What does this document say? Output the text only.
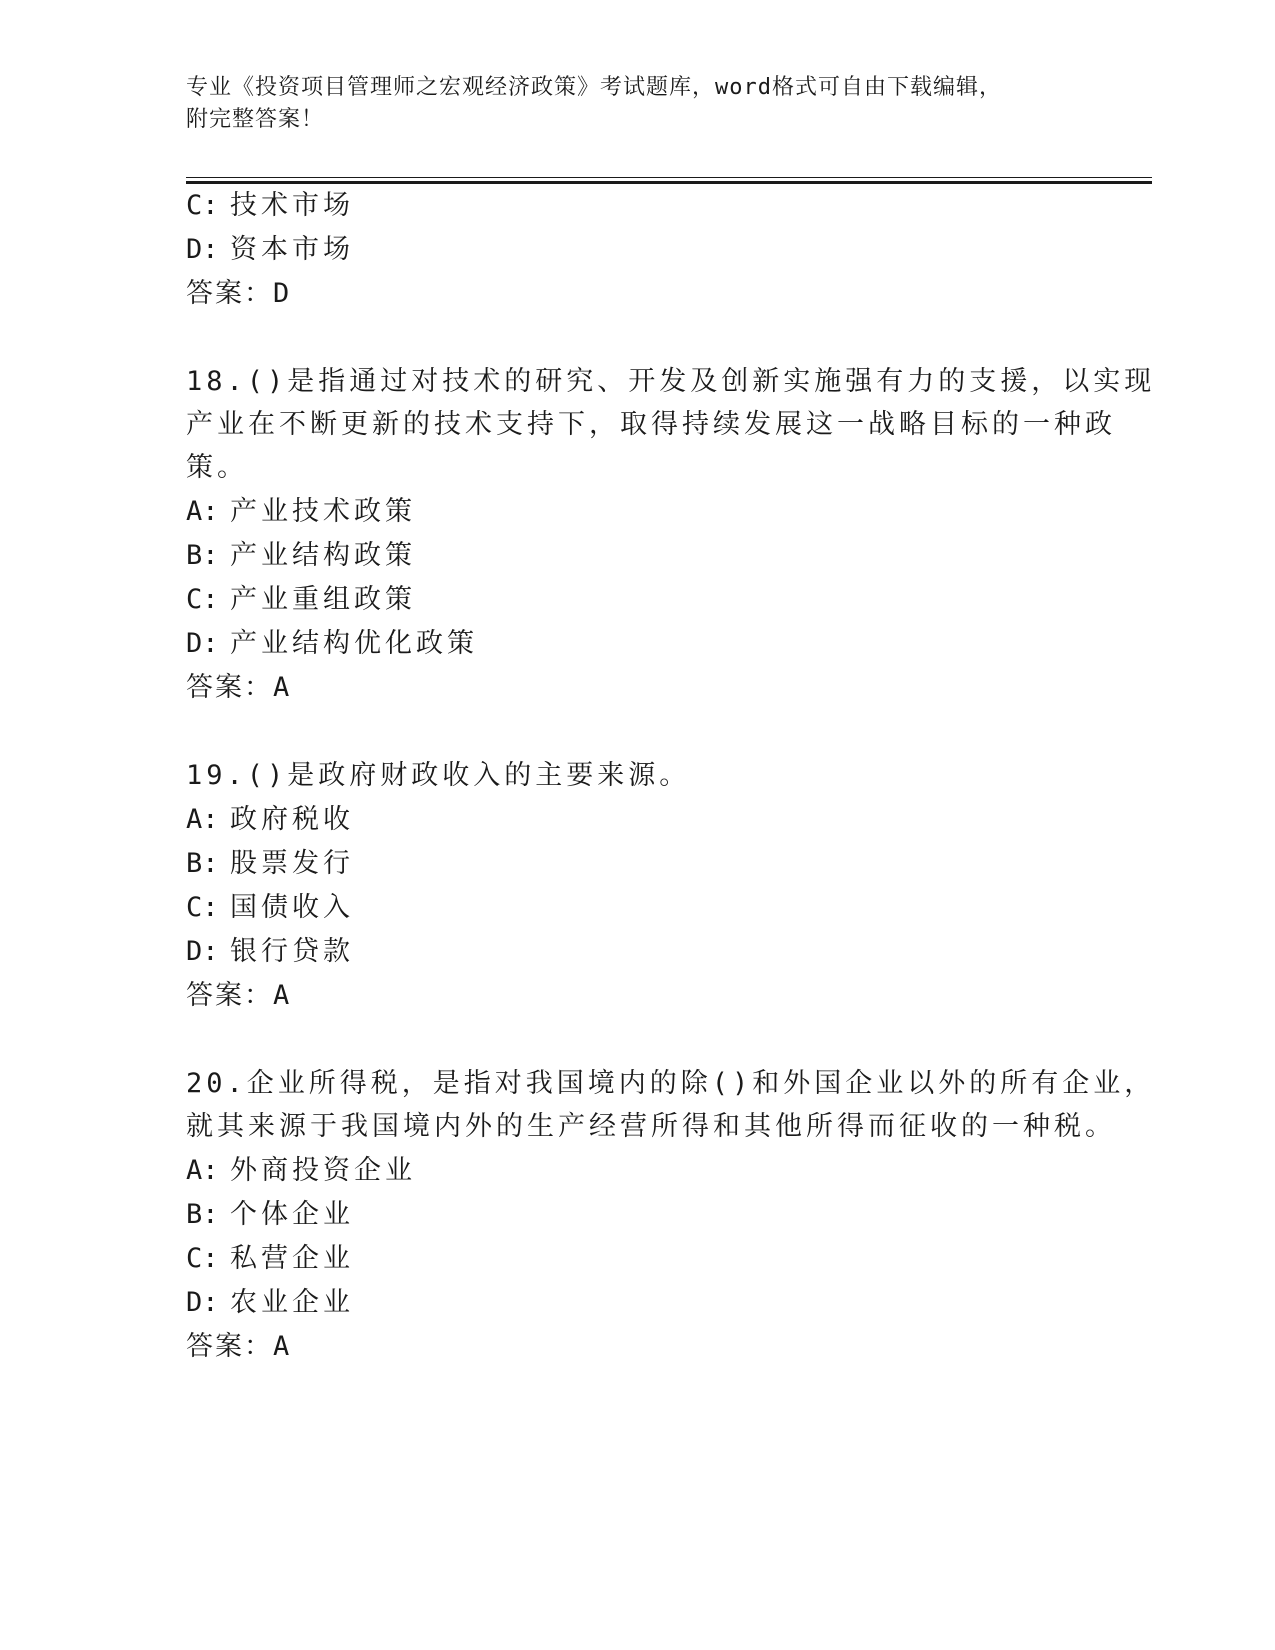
专业《投资项目管理师之宏观经济政策》考试题库，word格式可自由下载编辑，
附完整答案！
C: 技术市场
D: 资本市场
答案：D
18.()是指通过对技术的研究、开发及创新实施强有力的支援，以实现
产业在不断更新的技术支持下，取得持续发展这一战略目标的一种政
策。
A: 产业技术政策
B: 产业结构政策
C: 产业重组政策
D: 产业结构优化政策
答案：A
19.()是政府财政收入的主要来源。
A: 政府税收
B: 股票发行
C: 国债收入
D: 银行贷款
答案：A
20.企业所得税，是指对我国境内的除()和外国企业以外的所有企业，
就其来源于我国境内外的生产经营所得和其他所得而征收的一种税。
A: 外商投资企业
B: 个体企业
C: 私营企业
D: 农业企业
答案：A
